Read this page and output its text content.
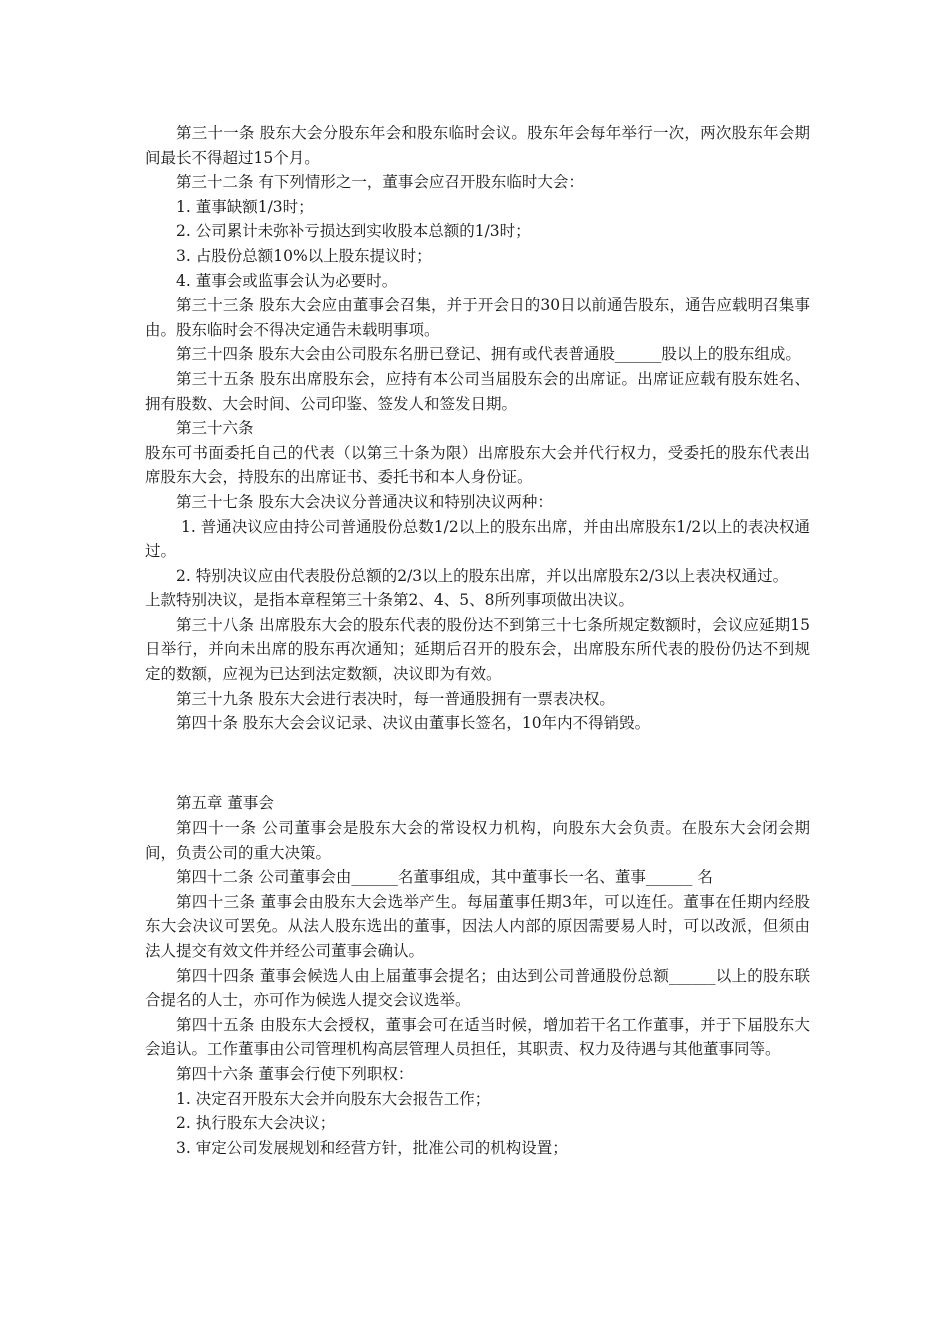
第三十一条 股东大会分股东年会和股东临时会议。股东年会每年举行一次，两次股东年会期间最长不得超过15个月。

第三十二条 有下列情形之一，董事会应召开股东临时大会：

1. 董事缺额1/3时；

2. 公司累计未弥补亏损达到实收股本总额的1/3时；

3. 占股份总额10%以上股东提议时；

4. 董事会或监事会认为必要时。

第三十三条 股东大会应由董事会召集，并于开会日的30日以前通告股东，通告应载明召集事由。股东临时会不得决定通告未载明事项。

第三十四条 股东大会由公司股东名册已登记、拥有或代表普通股______股以上的股东组成。

第三十五条 股东出席股东会，应持有本公司当届股东会的出席证。出席证应载有股东姓名、拥有股数、大会时间、公司印鉴、签发人和签发日期。

第三十六条

股东可书面委托自己的代表（以第三十条为限）出席股东大会并代行权力，受委托的股东代表出席股东大会，持股东的出席证书、委托书和本人身份证。

第三十七条 股东大会决议分普通决议和特别决议两种：

1. 普通决议应由持公司普通股份总数1/2以上的股东出席，并由出席股东1/2以上的表决权通过。

2. 特别决议应由代表股份总额的2/3以上的股东出席，并以出席股东2/3以上表决权通过。

上款特别决议，是指本章程第三十条第2、4、5、8所列事项做出决议。

第三十八条 出席股东大会的股东代表的股份达不到第三十七条所规定数额时，会议应延期15日举行，并向未出席的股东再次通知；延期后召开的股东会，出席股东所代表的股份仍达不到规定的数额，应视为已达到法定数额，决议即为有效。

第三十九条 股东大会进行表决时，每一普通股拥有一票表决权。

第四十条 股东大会会议记录、决议由董事长签名，10年内不得销毁。

第五章 董事会

第四十一条 公司董事会是股东大会的常设权力机构，向股东大会负责。在股东大会闭会期间，负责公司的重大决策。

第四十二条 公司董事会由______名董事组成，其中董事长一名、董事______ 名

第四十三条 董事会由股东大会选举产生。每届董事任期3年，可以连任。董事在任期内经股东大会决议可罢免。从法人股东选出的董事，因法人内部的原因需要易人时，可以改派，但须由法人提交有效文件并经公司董事会确认。

第四十四条 董事会候选人由上届董事会提名；由达到公司普通股份总额______以上的股东联合提名的人士，亦可作为候选人提交会议选举。

第四十五条 由股东大会授权，董事会可在适当时候，增加若干名工作董事，并于下届股东大会追认。工作董事由公司管理机构高层管理人员担任，其职责、权力及待遇与其他董事同等。

第四十六条 董事会行使下列职权：

1. 决定召开股东大会并向股东大会报告工作；

2. 执行股东大会决议；

3. 审定公司发展规划和经营方针，批准公司的机构设置；
